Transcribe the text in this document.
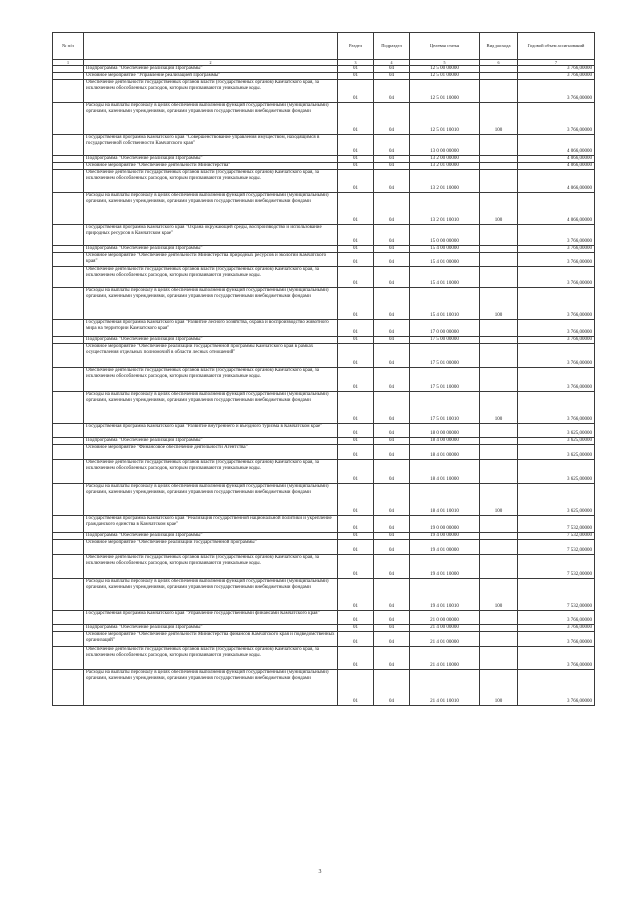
№ п/п		Раздел	Подраздел	Целевая статья	Вид расхода	Годовой объем ассигнований
1	2	3	4	5	6	7
	Подпрограмма "Обеспечение реализации Программы"	01	04	12 5 00 00000		3 766,00000
	Основное мероприятие "Управление реализацией Программы"	01	04	12 5 01 00000		3 766,00000
	Обеспечение деятельности государственных органов власти (государственных органов) Камчатского края, за исключением обособленных расходов, которым присваиваются уникальные коды.	01	04	12 5 01 10000		3 766,00000
	Расходы на выплаты персоналу в целях обеспечения выполнения функций государственными (муниципальными) органами, казенными учреждениями, органами управления государственными внебюджетными фондами	01	04	12 5 01 10010	100	3 766,00000
	Государственная программа Камчатского края "Совершенствование управления имуществом, находящимся в государственной собственности Камчатского края"	01	04	13 0 00 00000		4 066,00000
	Подпрограмма "Обеспечение реализации Программы"	01	04	13 2 00 00000		4 066,00000
	Основное мероприятие "Обеспечение деятельности Министерства"	01	04	13 2 01 00000		4 066,00000
	Обеспечение деятельности государственных органов власти (государственных органов) Камчатского края, за исключением обособленных расходов, которым присваиваются уникальные коды.	01	04	13 2 01 10000		4 066,00000
	Расходы на выплаты персоналу в целях обеспечения выполнения функций государственными (муниципальными) органами, казенными учреждениями, органами управления государственными внебюджетными фондами	01	04	13 2 01 10010	100	4 066,00000
	Государственная программа Камчатского края "Охрана окружающей среды, воспроизводство и использование природных ресурсов в Камчатском крае"	01	04	15 0 00 00000		3 766,00000
	Подпрограмма "Обеспечение реализации Программы"	01	04	15 4 00 00000		3 766,00000
	Основное мероприятие "Обеспечение деятельности Министерства природных ресурсов и экологии Камчатского края"	01	04	15 4 01 00000		3 766,00000
	Обеспечение деятельности государственных органов власти (государственных органов) Камчатского края, за исключением обособленных расходов, которым присваиваются уникальные коды.	01	04	15 4 01 10000		3 766,00000
	Расходы на выплаты персоналу в целях обеспечения выполнения функций государственными (муниципальными) органами, казенными учреждениями, органами управления государственными внебюджетными фондами	01	04	15 4 01 10010	100	3 766,00000
	Государственная программа Камчатского края "Развитие лесного хозяйства, охрана и воспроизводство животного мира на территории Камчатского края"	01	04	17 0 00 00000		3 766,00000
	Подпрограмма "Обеспечение реализации Программы"	01	04	17 5 00 00000		3 766,00000
	Основное мероприятие "Обеспечение реализации государственной программы Камчатского края в рамках осуществления отдельных полномочий в области лесных отношений"	01	04	17 5 01 00000		3 766,00000
	Обеспечение деятельности государственных органов власти (государственных органов) Камчатского края, за исключением обособленных расходов, которым присваиваются уникальные коды.	01	04	17 5 01 10000		3 766,00000
	Расходы на выплаты персоналу в целях обеспечения выполнения функций государственными (муниципальными) органами, казенными учреждениями, органами управления государственными внебюджетными фондами	01	04	17 5 01 10010	100	3 766,00000
	Государственная программа Камчатского края "Развитие внутреннего и въездного туризма в Камчатском крае"	01	04	18 0 00 00000		3 625,00000
	Подпрограмма "Обеспечение реализации Программы"	01	04	18 4 00 00000		3 625,00000
	Основное мероприятие "Финансовое обеспечение деятельности Агентства"	01	04	18 4 01 00000		3 625,00000
	Обеспечение деятельности государственных органов власти (государственных органов) Камчатского края, за исключением обособленных расходов, которым присваиваются уникальные коды.	01	04	18 4 01 10000		3 625,00000
	Расходы на выплаты персоналу в целях обеспечения выполнения функций государственными (муниципальными) органами, казенными учреждениями, органами управления государственными внебюджетными фондами	01	04	18 4 01 10010	100	3 625,00000
	Государственная программа Камчатского края "Реализация государственной национальной политики и укрепление гражданского единства в Камчатском крае"	01	04	19 0 00 00000		7 532,00000
	Подпрограмма "Обеспечение реализации Программы"	01	04	19 4 00 00000		7 532,00000
	Основное мероприятие "Обеспечение реализации государственной программы"	01	04	19 4 01 00000		7 532,00000
	Обеспечение деятельности государственных органов власти (государственных органов) Камчатского края, за исключением обособленных расходов, которым присваиваются уникальные коды.	01	04	19 4 01 10000		7 532,00000
	Расходы на выплаты персоналу в целях обеспечения выполнения функций государственными (муниципальными) органами, казенными учреждениями, органами управления государственными внебюджетными фондами	01	04	19 4 01 10010	100	7 532,00000
	Государственная программа Камчатского края "Управление государственными финансами Камчатского края"	01	04	21 0 00 00000		3 766,00000
	Подпрограмма "Обеспечение реализации Программы"	01	04	21 4 00 00000		3 766,00000
	Основное мероприятие "Обеспечение деятельности Министерства финансов Камчатского края и подведомственных организаций"	01	04	21 4 01 00000		3 766,00000
	Обеспечение деятельности государственных органов власти (государственных органов) Камчатского края, за исключением обособленных расходов, которым присваиваются уникальные коды.	01	04	21 4 01 10000		3 766,00000
	Расходы на выплаты персоналу в целях обеспечения выполнения функций государственными (муниципальными) органами, казенными учреждениями, органами управления государственными внебюджетными фондами	01	04	21 4 01 10010	100	3 766,00000
3
